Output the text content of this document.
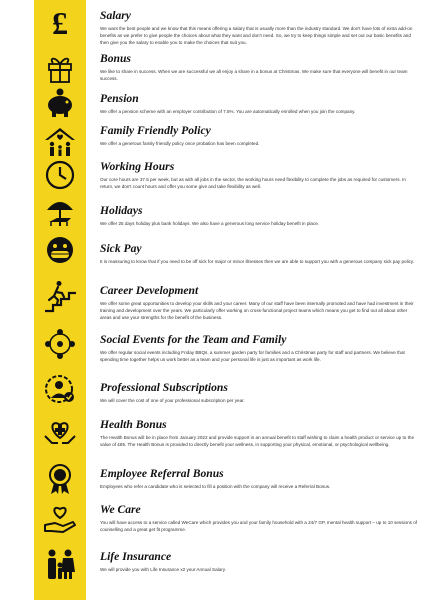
£	Salary

We want the best people and we know that this means offering a salary that is usually more than the industry standard. We don't have lots of extra add-on benefits as we prefer to give people the choices about what they want and don't need. So, we try to keep things simple and set out our basic benefits and then give you the salary to enable you to make the choices that suit you.

Bonus

We like to share in success. When we are successful we all enjoy a share in a bonus at Christmas. We make sure that everyone will benefit in our team success.

Pension

We offer a pension scheme with an employer contribution of 7.5%. You are automatically enrolled when you join the company.

Family Friendly Policy

We offer a generous family friendly policy once probation has been completed.

Working Hours

Our core hours are 37.5 per week, but as with all jobs in the sector, the working hours need flexibility to complete the jobs as required for customers. In return, we don't count hours and offer you some give and take flexibility as well.

Holidays

We offer 25 days holiday plus bank holidays. We also have a generous long service holiday benefit in place.

Sick Pay

It is reassuring to know that if you need to be off sick for major or minor illnesses then we are able to support you with a generous company sick pay policy.

Career Development

We offer some great opportunities to develop your skills and your career. Many of our staff have been internally promoted and have had investment in their training and development over the years. We particularly offer working on cross-functional project teams which means you get to find out all about other areas and use your strengths for the benefit of the business.

Social Events for the Team and Family

We offer regular social events including Friday BBQs, a summer garden party for families and a Christmas party for staff and partners. We believe that spending time together helps us work better as a team and your personal life is just as important as work life.

Professional Subscriptions

We will cover the cost of one of your professional subscription per year.

Health Bonus

The Health Bonus will be in place from January 2022 and provide support in an annual benefit to staff wishing to claim a health product or service up to the value of £85. The Health Bonus is provided to directly benefit your wellness, in supporting your physical, emotional, or psychological wellbeing.

Employee Referral Bonus

Employees who refer a candidate who is selected to fill a position with the company will receive a Referral Bonus.

We Care

You will have access to a service called WeCare which provides you and your family household with a 24/7 GP, mental health support – up to 10 sessions of counselling and a great get fit programme.

Life Insurance

We will provide you with Life Insurance x2 your Annual Salary.
